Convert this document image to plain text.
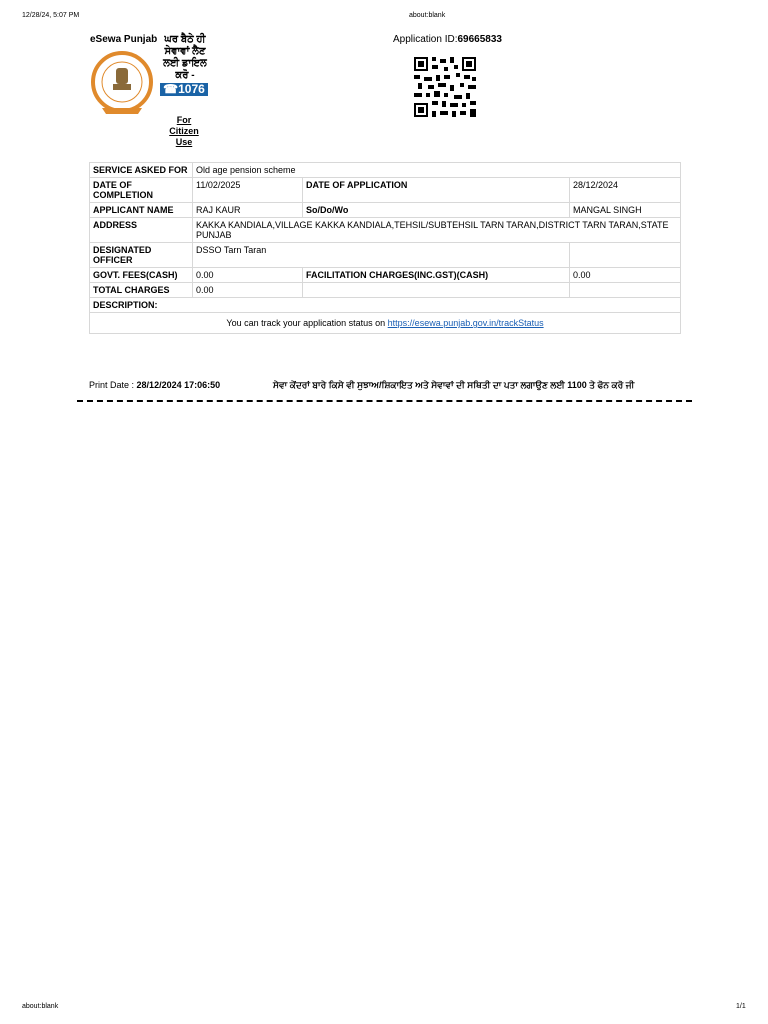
12/28/24, 5:07 PM	about:blank
eSewa Punjab ਘਰ ਬੈਠੇ ਹੀ ਸੇਵਾਵਾਂ ਲੈਣ ਲਈ ਡਾਇਲ ਕਰੋ -
☎1076
For Citizen Use
Application ID:69665833
SERVICE ASKED FOR	Old age pension scheme		
DATE OF COMPLETION	11/02/2025	DATE OF APPLICATION	28/12/2024
APPLICANT NAME	RAJ KAUR	So/Do/Wo	MANGAL SINGH
ADDRESS	KAKKA KANDIALA,VILLAGE KAKKA KANDIALA,TEHSIL/SUBTEHSIL TARN TARAN,DISTRICT TARN TARAN,STATE PUNJAB		
DESIGNATED OFFICER	DSSO Tarn Taran		
GOVT. FEES(CASH)	0.00	FACILITATION CHARGES(INC.GST)(CASH)	0.00
TOTAL CHARGES	0.00		
DESCRIPTION:			
You can track your application status on https://esewa.punjab.gov.in/trackStatus			
Print Date : 28/12/2024 17:06:50	ਸੇਵਾ ਕੇਂਦਰਾਂ ਬਾਰੇ ਕਿਸੇ ਵੀ ਸੁਝਾਅ/ਸ਼ਿਕਾਇਤ ਅਤੇ ਸੇਵਾਵਾਂ ਦੀ ਸਥਿਤੀ ਦਾ ਪਤਾ ਲਗਾਉਣ ਲਈ 1100 ਤੇ ਫੋਨ ਕਰੋ ਜੀ
about:blank	1/1
